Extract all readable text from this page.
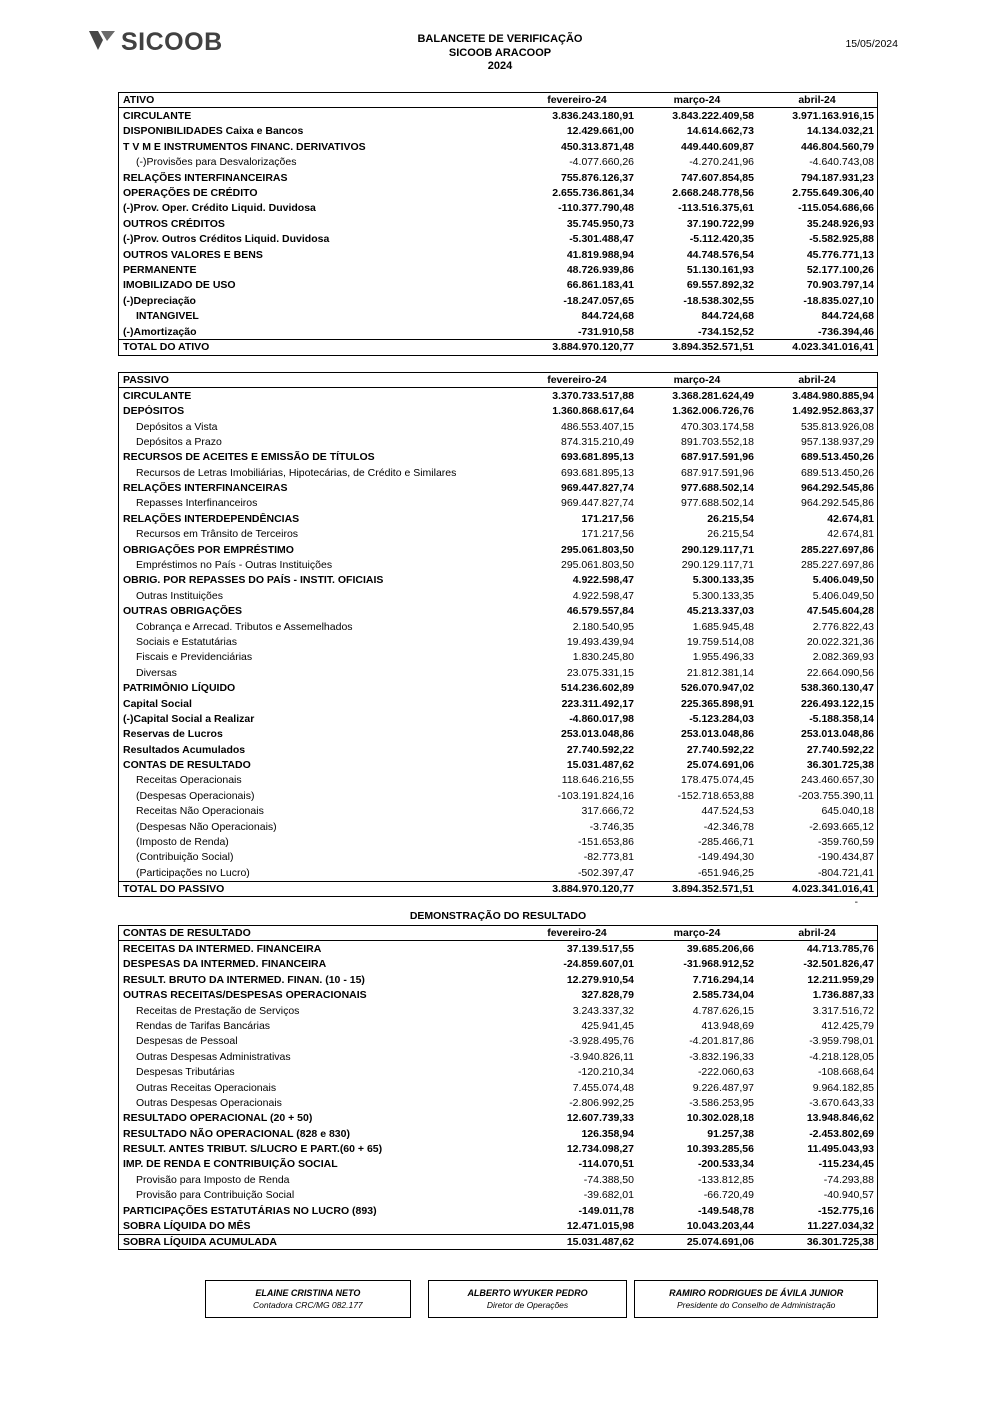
SICOOB	BALANCETE DE VERIFICAÇÃO
SICOOB ARACOOP
2024
15/05/2024
ATIVO	fevereiro-24	março-24	abril-24
CIRCULANTE	3.836.243.180,91	3.843.222.409,58	3.971.163.916,15
DISPONIBILIDADES Caixa e Bancos	12.429.661,00	14.614.662,73	14.134.032,21
T V M E INSTRUMENTOS FINANC. DERIVATIVOS	450.313.871,48	449.440.609,87	446.804.560,79
(-)Provisões para Desvalorizações	-4.077.660,26	-4.270.241,96	-4.640.743,08
RELAÇÕES INTERFINANCEIRAS	755.876.126,37	747.607.854,85	794.187.931,23
OPERAÇÕES DE CRÉDITO	2.655.736.861,34	2.668.248.778,56	2.755.649.306,40
(-)Prov. Oper. Crédito Liquid. Duvidosa	-110.377.790,48	-113.516.375,61	-115.054.686,66
OUTROS CRÉDITOS	35.745.950,73	37.190.722,99	35.248.926,93
(-)Prov. Outros Créditos Liquid. Duvidosa	-5.301.488,47	-5.112.420,35	-5.582.925,88
OUTROS VALORES E BENS	41.819.988,94	44.748.576,54	45.776.771,13
PERMANENTE	48.726.939,86	51.130.161,93	52.177.100,26
IMOBILIZADO DE USO	66.861.183,41	69.557.892,32	70.903.797,14
(-)Depreciação	-18.247.057,65	-18.538.302,55	-18.835.027,10
INTANGIVEL	844.724,68	844.724,68	844.724,68
(-)Amortização	-731.910,58	-734.152,52	-736.394,46
TOTAL DO ATIVO	3.884.970.120,77	3.894.352.571,51	4.023.341.016,41
PASSIVO	fevereiro-24	março-24	abril-24
CIRCULANTE	3.370.733.517,88	3.368.281.624,49	3.484.980.885,94
DEPÓSITOS	1.360.868.617,64	1.362.006.726,76	1.492.952.863,37
Depósitos a Vista	486.553.407,15	470.303.174,58	535.813.926,08
Depósitos a Prazo	874.315.210,49	891.703.552,18	957.138.937,29
RECURSOS DE ACEITES E EMISSÃO DE TÍTULOS	693.681.895,13	687.917.591,96	689.513.450,26
Recursos de Letras Imobiliárias, Hipotecárias, de Crédito e Similares	693.681.895,13	687.917.591,96	689.513.450,26
RELAÇÕES INTERFINANCEIRAS	969.447.827,74	977.688.502,14	964.292.545,86
Repasses Interfinanceiros	969.447.827,74	977.688.502,14	964.292.545,86
RELAÇÕES INTERDEPENDÊNCIAS	171.217,56	26.215,54	42.674,81
Recursos em Trânsito de Terceiros	171.217,56	26.215,54	42.674,81
OBRIGAÇÕES POR EMPRÉSTIMO	295.061.803,50	290.129.117,71	285.227.697,86
Empréstimos no País - Outras Instituições	295.061.803,50	290.129.117,71	285.227.697,86
OBRIG. POR REPASSES DO PAÍS - INSTIT. OFICIAIS	4.922.598,47	5.300.133,35	5.406.049,50
Outras Instituições	4.922.598,47	5.300.133,35	5.406.049,50
OUTRAS OBRIGAÇÕES	46.579.557,84	45.213.337,03	47.545.604,28
Cobrança e Arrecad. Tributos e Assemelhados	2.180.540,95	1.685.945,48	2.776.822,43
Sociais e Estatutárias	19.493.439,94	19.759.514,08	20.022.321,36
Fiscais e Previdenciárias	1.830.245,80	1.955.496,33	2.082.369,93
Diversas	23.075.331,15	21.812.381,14	22.664.090,56
PATRIMÔNIO LÍQUIDO	514.236.602,89	526.070.947,02	538.360.130,47
Capital Social	223.311.492,17	225.365.898,91	226.493.122,15
(-)Capital Social a Realizar	-4.860.017,98	-5.123.284,03	-5.188.358,14
Reservas de Lucros	253.013.048,86	253.013.048,86	253.013.048,86
Resultados Acumulados	27.740.592,22	27.740.592,22	27.740.592,22
CONTAS DE RESULTADO	15.031.487,62	25.074.691,06	36.301.725,38
Receitas Operacionais	118.646.216,55	178.475.074,45	243.460.657,30
(Despesas Operacionais)	-103.191.824,16	-152.718.653,88	-203.755.390,11
Receitas Não Operacionais	317.666,72	447.524,53	645.040,18
(Despesas Não Operacionais)	-3.746,35	-42.346,78	-2.693.665,12
(Imposto de Renda)	-151.653,86	-285.466,71	-359.760,59
(Contribuição Social)	-82.773,81	-149.494,30	-190.434,87
(Participações no Lucro)	-502.397,47	-651.946,25	-804.721,41
TOTAL DO PASSIVO	3.884.970.120,77	3.894.352.571,51	4.023.341.016,41
-
DEMONSTRAÇÃO DO RESULTADO
CONTAS DE RESULTADO	fevereiro-24	março-24	abril-24
RECEITAS DA INTERMED. FINANCEIRA	37.139.517,55	39.685.206,66	44.713.785,76
DESPESAS DA INTERMED. FINANCEIRA	-24.859.607,01	-31.968.912,52	-32.501.826,47
RESULT. BRUTO DA INTERMED. FINAN. (10 - 15)	12.279.910,54	7.716.294,14	12.211.959,29
OUTRAS RECEITAS/DESPESAS OPERACIONAIS	327.828,79	2.585.734,04	1.736.887,33
Receitas de Prestação de Serviços	3.243.337,32	4.787.626,15	3.317.516,72
Rendas de Tarifas Bancárias	425.941,45	413.948,69	412.425,79
Despesas de Pessoal	-3.928.495,76	-4.201.817,86	-3.959.798,01
Outras Despesas Administrativas	-3.940.826,11	-3.832.196,33	-4.218.128,05
Despesas Tributárias	-120.210,34	-222.060,63	-108.668,64
Outras Receitas Operacionais	7.455.074,48	9.226.487,97	9.964.182,85
Outras Despesas Operacionais	-2.806.992,25	-3.586.253,95	-3.670.643,33
RESULTADO OPERACIONAL (20 + 50)	12.607.739,33	10.302.028,18	13.948.846,62
RESULTADO NÃO OPERACIONAL (828 e 830)	126.358,94	91.257,38	-2.453.802,69
RESULT. ANTES TRIBUT. S/LUCRO E PART.(60 + 65)	12.734.098,27	10.393.285,56	11.495.043,93
IMP. DE RENDA E CONTRIBUIÇÃO SOCIAL	-114.070,51	-200.533,34	-115.234,45
Provisão para Imposto de Renda	-74.388,50	-133.812,85	-74.293,88
Provisão para Contribuição Social	-39.682,01	-66.720,49	-40.940,57
PARTICIPAÇÕES ESTATUTÁRIAS NO LUCRO (893)	-149.011,78	-149.548,78	-152.775,16
SOBRA LÍQUIDA DO MÊS	12.471.015,98	10.043.203,44	11.227.034,32
SOBRA LÍQUIDA ACUMULADA	15.031.487,62	25.074.691,06	36.301.725,38
ELAINE CRISTINA NETO
Contadora CRC/MG 082.177
ALBERTO WYUKER PEDRO
Diretor de Operações
RAMIRO RODRIGUES DE ÁVILA JUNIOR
Presidente do Conselho de Administração
